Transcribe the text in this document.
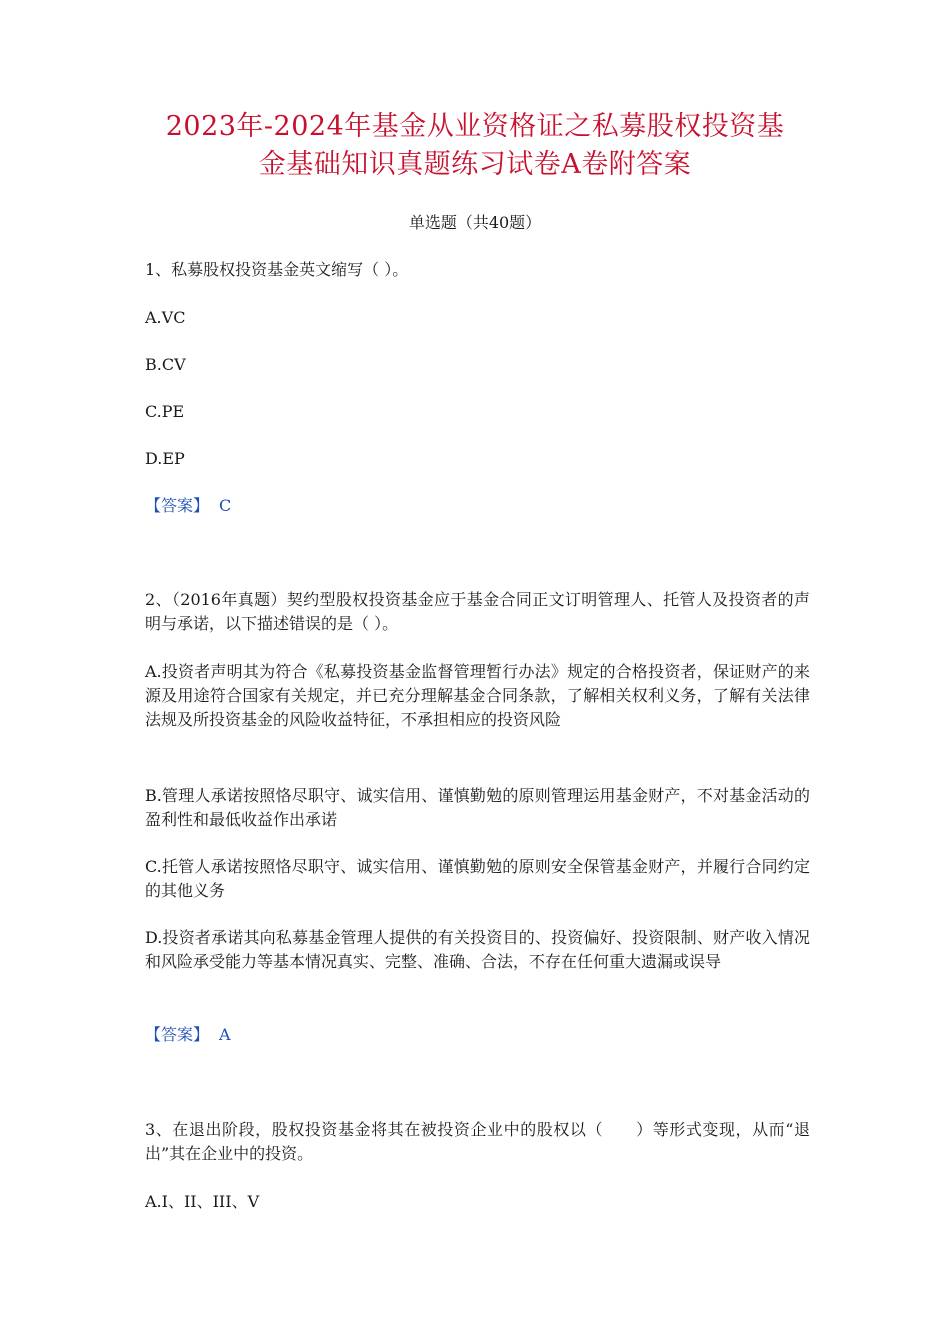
2023年-2024年基金从业资格证之私募股权投资基
金基础知识真题练习试卷A卷附答案
单选题（共40题）

1、私募股权投资基金英文缩写（ ）。

A.VC

B.CV

C.PE

D.EP

【答案】 C

2、（2016年真题）契约型股权投资基金应于基金合同正文订明管理人、托管人及投资者的声明与承诺，以下描述错误的是（ ）。

A.投资者声明其为符合《私募投资基金监督管理暂行办法》规定的合格投资者，保证财产的来源及用途符合国家有关规定，并已充分理解基金合同条款，了解相关权利义务，了解有关法律法规及所投资基金的风险收益特征，不承担相应的投资风险

B.管理人承诺按照恪尽职守、诚实信用、谨慎勤勉的原则管理运用基金财产，不对基金活动的盈利性和最低收益作出承诺

C.托管人承诺按照恪尽职守、诚实信用、谨慎勤勉的原则安全保管基金财产，并履行合同约定的其他义务

D.投资者承诺其向私募基金管理人提供的有关投资目的、投资偏好、投资限制、财产收入情况和风险承受能力等基本情况真实、完整、准确、合法，不存在任何重大遗漏或误导

【答案】 A

3、在退出阶段，股权投资基金将其在被投资企业中的股权以（　　）等形式变现，从而“退出”其在企业中的投资。

A.I、II、III、V
